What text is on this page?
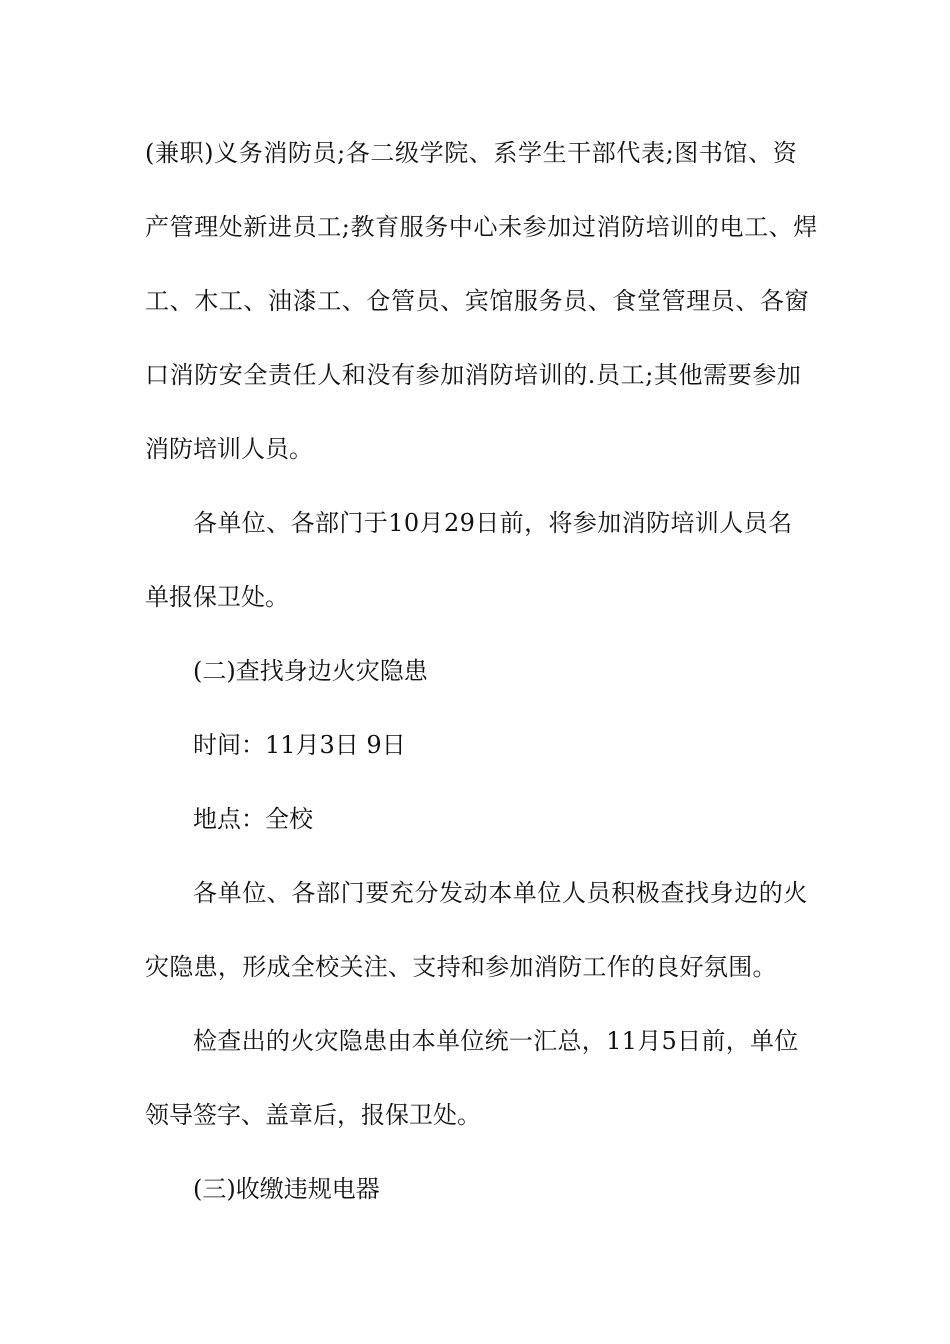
(兼职)义务消防员;各二级学院、系学生干部代表;图书馆、资
产管理处新进员工;教育服务中心未参加过消防培训的电工、焊
工、木工、油漆工、仓管员、宾馆服务员、食堂管理员、各窗
口消防安全责任人和没有参加消防培训的.员工;其他需要参加
消防培训人员。
各单位、各部门于10月29日前，将参加消防培训人员名
单报保卫处。
(二)查找身边火灾隐患
时间：11月3日 9日
地点：全校
各单位、各部门要充分发动本单位人员积极查找身边的火
灾隐患，形成全校关注、支持和参加消防工作的良好氛围。
检查出的火灾隐患由本单位统一汇总，11月5日前，单位
领导签字、盖章后，报保卫处。
(三)收缴违规电器
